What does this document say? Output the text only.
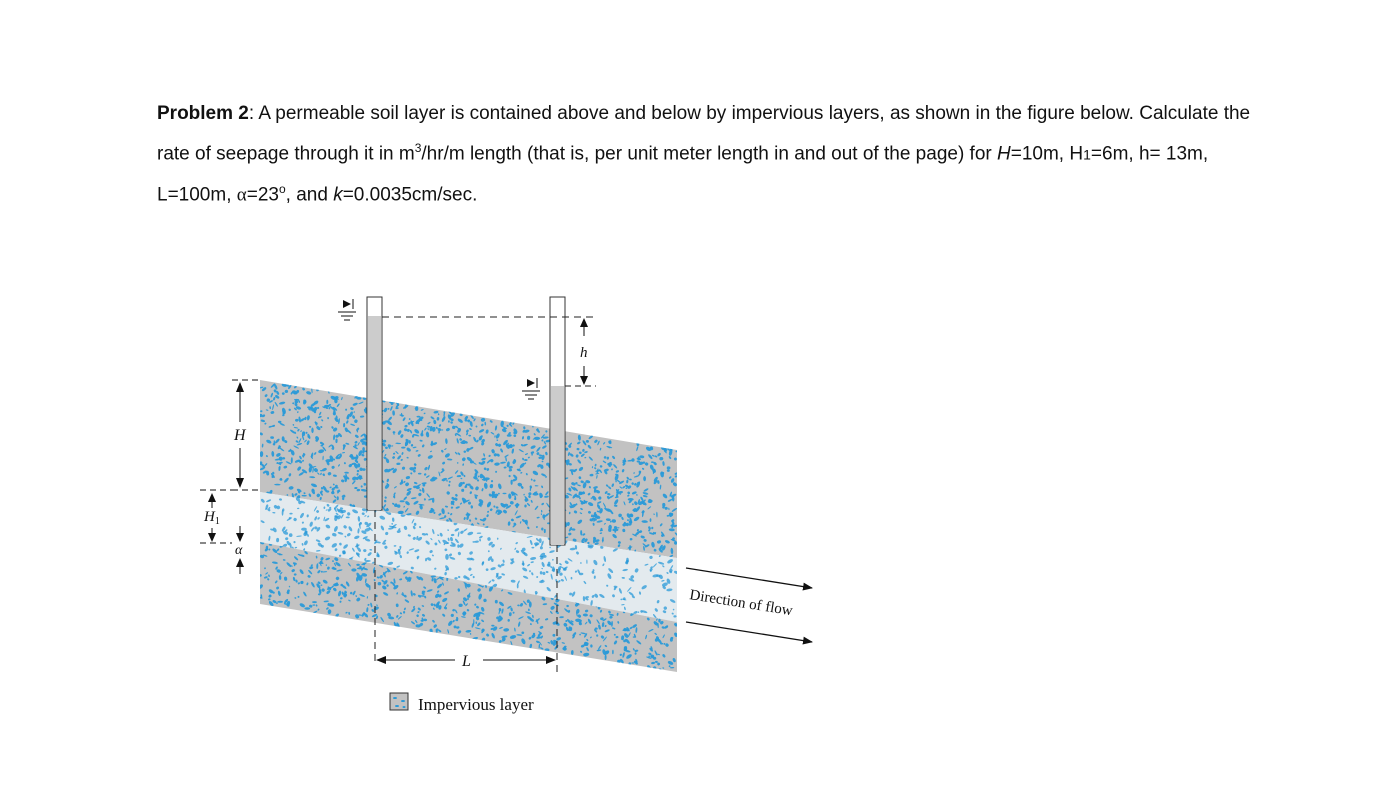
Problem 2: A permeable soil layer is contained above and below by impervious layers, as shown in the figure below. Calculate the rate of seepage through it in $m^3/hr/m$ length (that is, per unit meter length in and out of the page) for H=10m, H1=6m, h= 13m, L=100m, $\alpha=23^o$, and k=0.0035cm/sec.
h
H
$H_1$
α
L
Direction of flow
Impervious layer
